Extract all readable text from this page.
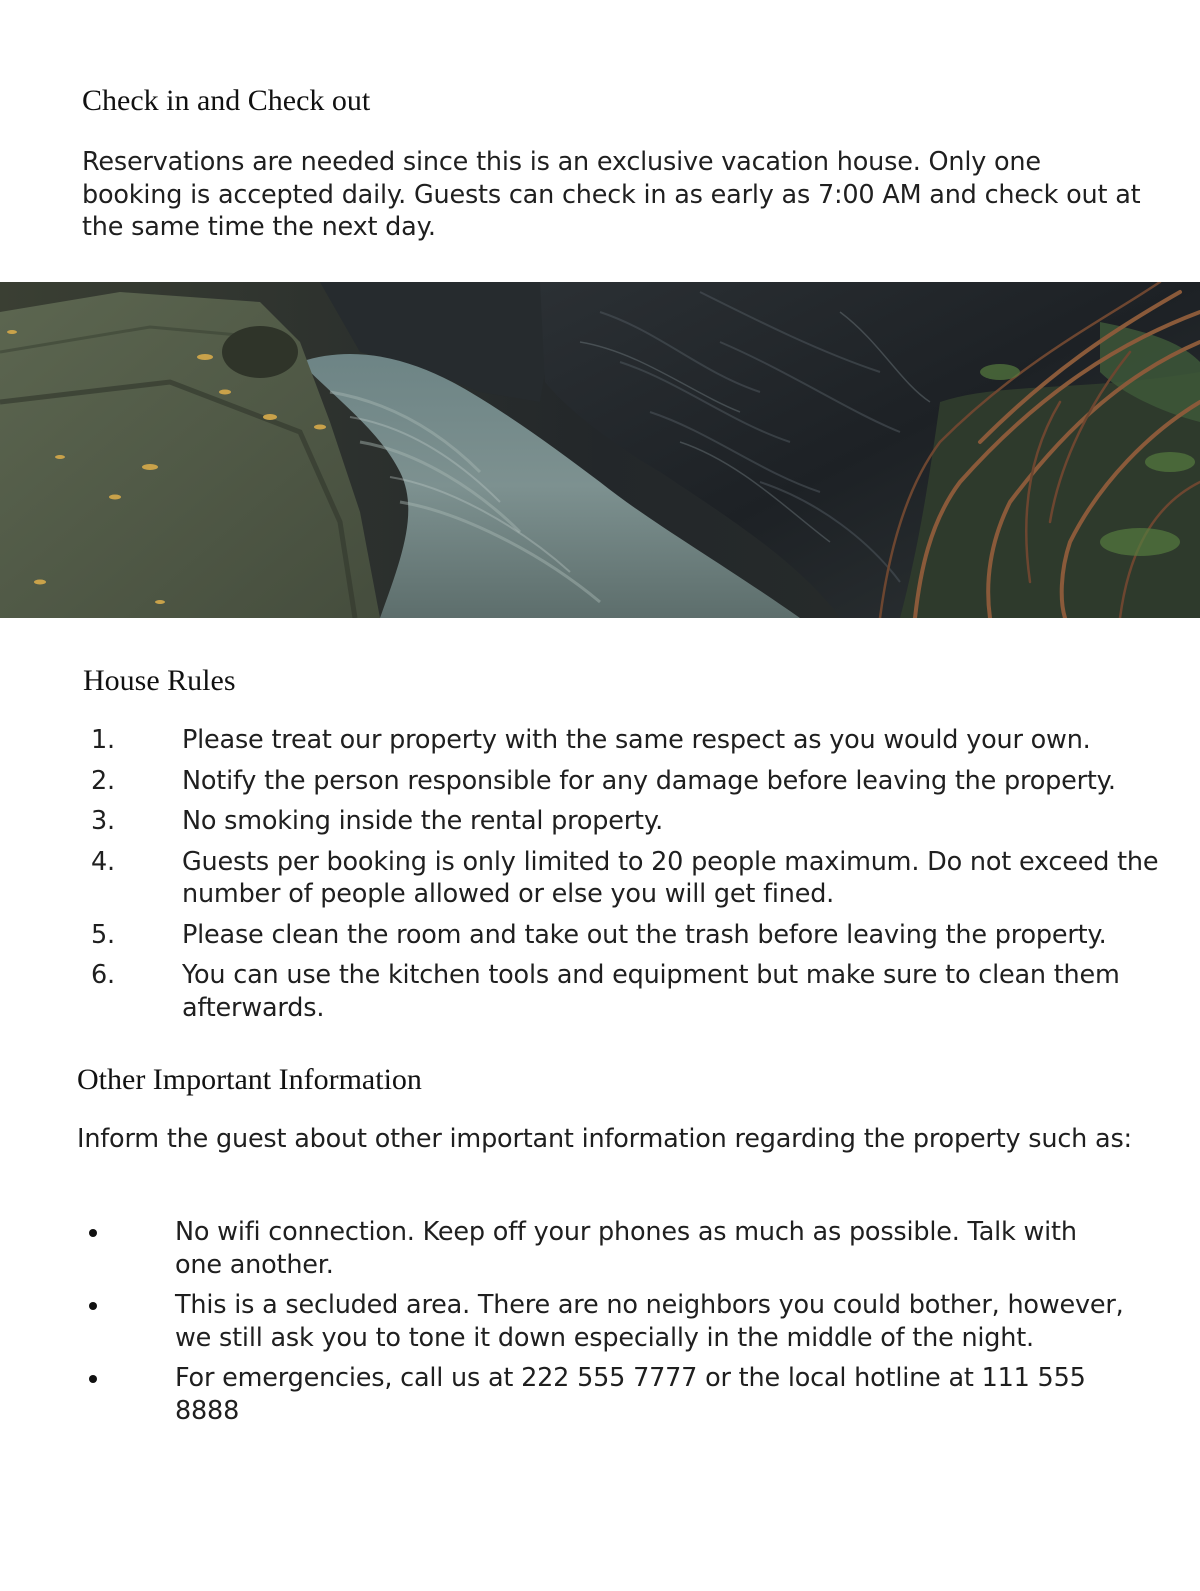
Check in and Check out
Reservations are needed since this is an exclusive vacation house. Only one booking is accepted daily. Guests can check in as early as 7:00 AM and check out at the same time the next day.
House Rules
1.	Please treat our property with the same respect as you would your own.
2.	Notify the person responsible for any damage before leaving the property.
3.	No smoking inside the rental property.
4.	Guests per booking is only limited to 20 people maximum. Do not exceed the number of people allowed or else you will get fined.
5.	Please clean the room and take out the trash before leaving the property.
6.	You can use the kitchen tools and equipment but make sure to clean them afterwards.
Other Important Information
Inform the guest about other important information regarding the property such as:
No wifi connection. Keep off your phones as much as possible. Talk with one another.
This is a secluded area. There are no neighbors you could bother, however, we still ask you to tone it down especially in the middle of the night.
For emergencies, call us at 222 555 7777 or the local hotline at 111 555 8888
